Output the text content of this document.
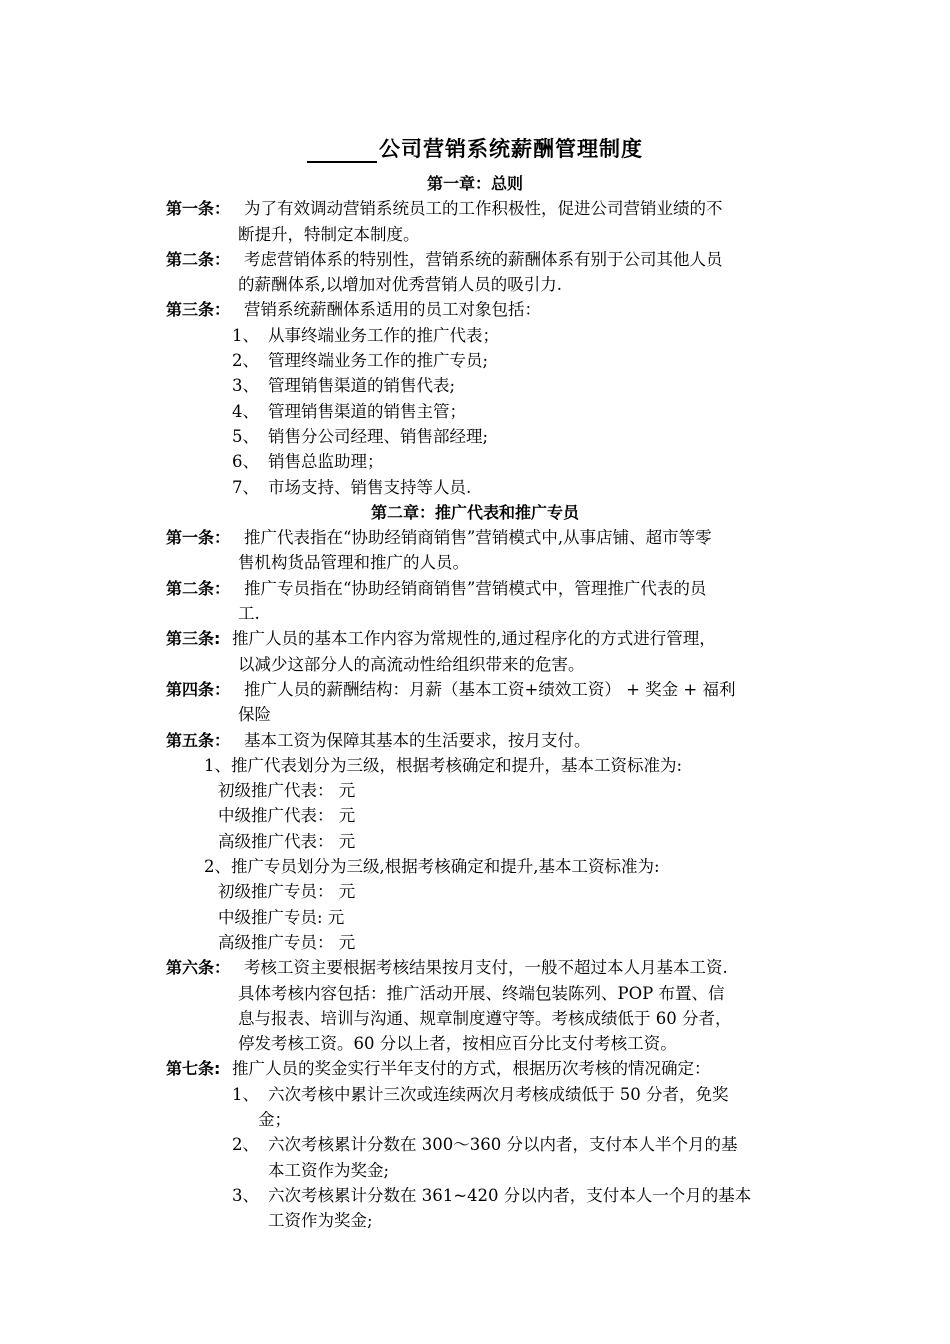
公司营销系统薪酬管理制度
第一章：总则
第一条： 为了有效调动营销系统员工的工作积极性，促进公司营销业绩的不
断提升，特制定本制度。
第二条： 考虑营销体系的特别性，营销系统的薪酬体系有别于公司其他人员
的薪酬体系,以增加对优秀营销人员的吸引力.
第三条： 营销系统薪酬体系适用的员工对象包括：
1、 从事终端业务工作的推广代表；
2、 管理终端业务工作的推广专员;
3、 管理销售渠道的销售代表;
4、 管理销售渠道的销售主管；
5、 销售分公司经理、销售部经理;
6、 销售总监助理；
7、 市场支持、销售支持等人员.
第二章：推广代表和推广专员
第一条： 推广代表指在“协助经销商销售”营销模式中,从事店铺、超市等零
售机构货品管理和推广的人员。
第二条： 推广专员指在“协助经销商销售”营销模式中，管理推广代表的员
工.
第三条: 推广人员的基本工作内容为常规性的,通过程序化的方式进行管理，
以减少这部分人的高流动性给组织带来的危害。
第四条： 推广人员的薪酬结构：月薪（基本工资+绩效工资） + 奖金 + 福利
保险
第五条： 基本工资为保障其基本的生活要求，按月支付。
1、推广代表划分为三级，根据考核确定和提升，基本工资标准为:
初级推广代表： 元
中级推广代表： 元
高级推广代表： 元
2、推广专员划分为三级,根据考核确定和提升,基本工资标准为:
初级推广专员： 元
中级推广专员: 元
高级推广专员： 元
第六条： 考核工资主要根据考核结果按月支付，一般不超过本人月基本工资.
具体考核内容包括：推广活动开展、终端包装陈列、POP 布置、信
息与报表、培训与沟通、规章制度遵守等。考核成绩低于 60 分者，
停发考核工资。60 分以上者，按相应百分比支付考核工资。
第七条: 推广人员的奖金实行半年支付的方式，根据历次考核的情况确定：
1、 六次考核中累计三次或连续两次月考核成绩低于 50 分者，免奖
金；
2、 六次考核累计分数在 300～360 分以内者，支付本人半个月的基
本工资作为奖金;
3、 六次考核累计分数在 361~420 分以内者，支付本人一个月的基本
工资作为奖金;
